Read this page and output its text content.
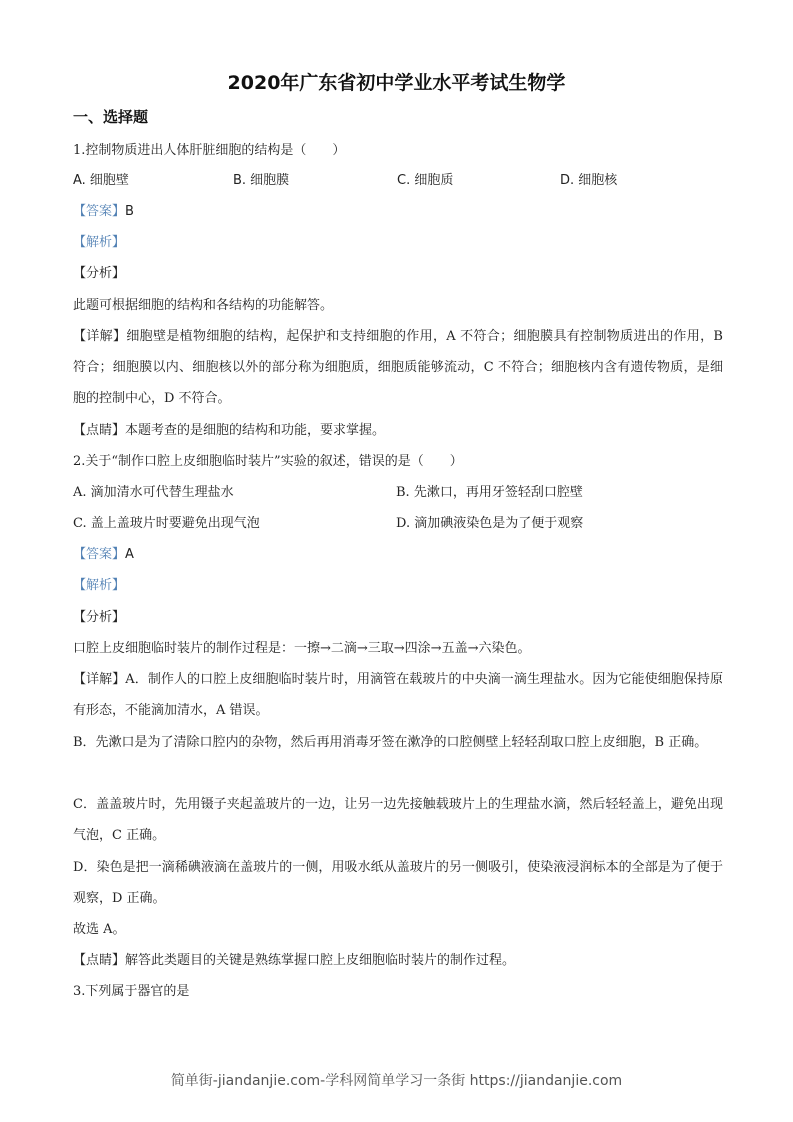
2020年广东省初中学业水平考试生物学
一、选择题
1.控制物质进出人体肝脏细胞的结构是（　　）
A. 细胞壁	B. 细胞膜	C. 细胞质	D. 细胞核
【答案】B
【解析】
【分析】
此题可根据细胞的结构和各结构的功能解答。
【详解】细胞壁是植物细胞的结构，起保护和支持细胞的作用，A 不符合；细胞膜具有控制物质进出的作用，B 符合；细胞膜以内、细胞核以外的部分称为细胞质，细胞质能够流动，C 不符合；细胞核内含有遗传物质，是细胞的控制中心，D 不符合。
【点睛】本题考查的是细胞的结构和功能，要求掌握。
2.关于“制作口腔上皮细胞临时装片”实验的叙述，错误的是（　　）
A. 滴加清水可代替生理盐水	B. 先漱口，再用牙签轻刮口腔壁
C. 盖上盖玻片时要避免出现气泡	D. 滴加碘液染色是为了便于观察
【答案】A
【解析】
【分析】
口腔上皮细胞临时装片的制作过程是：一擦→二滴→三取→四涂→五盖→六染色。
【详解】A．制作人的口腔上皮细胞临时装片时，用滴管在载玻片的中央滴一滴生理盐水。因为它能使细胞保持原有形态，不能滴加清水，A 错误。
B．先漱口是为了清除口腔内的杂物，然后再用消毒牙签在漱净的口腔侧壁上轻轻刮取口腔上皮细胞，B 正确。
C．盖盖玻片时，先用镊子夹起盖玻片的一边，让另一边先接触载玻片上的生理盐水滴，然后轻轻盖上，避免出现气泡，C 正确。
D．染色是把一滴稀碘液滴在盖玻片的一侧，用吸水纸从盖玻片的另一侧吸引，使染液浸润标本的全部是为了便于观察，D 正确。
故选 A。
【点睛】解答此类题目的关键是熟练掌握口腔上皮细胞临时装片的制作过程。
3.下列属于器官的是
简单街-jiandanjie.com-学科网简单学习一条街 https://jiandanjie.com
